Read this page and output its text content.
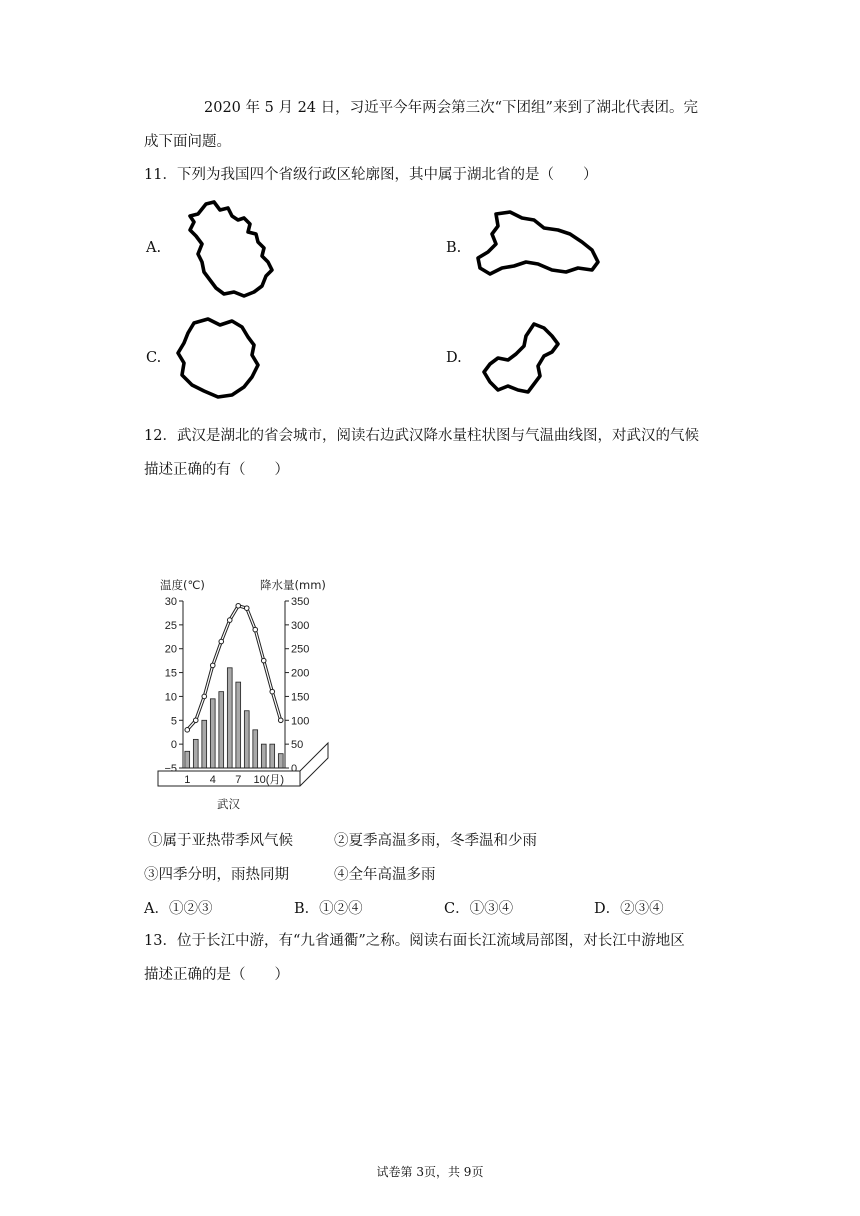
2020 年 5 月 24 日，习近平今年两会第三次“下团组”来到了湖北代表团。完
成下面问题。
11．下列为我国四个省级行政区轮廓图，其中属于湖北省的是（　　）
A.	B.
C.	D.
12．武汉是湖北的省会城市，阅读右边武汉降水量柱状图与气温曲线图，对武汉的气候
描述正确的有（　　）
温度(℃)	降水量(mm)
30
25
20
15
10
5
0
−5
350
300
250
200
150
100
50
0
1 4 7 10(月)
武汉
①属于亚热带季风气候	②夏季高温多雨，冬季温和少雨
③四季分明，雨热同期	④全年高温多雨
A．①②③	B．①②④	C．①③④	D．②③④
13．位于长江中游，有“九省通衢”之称。阅读右面长江流域局部图，对长江中游地区
描述正确的是（　　）
试卷第 3页，共 9页
